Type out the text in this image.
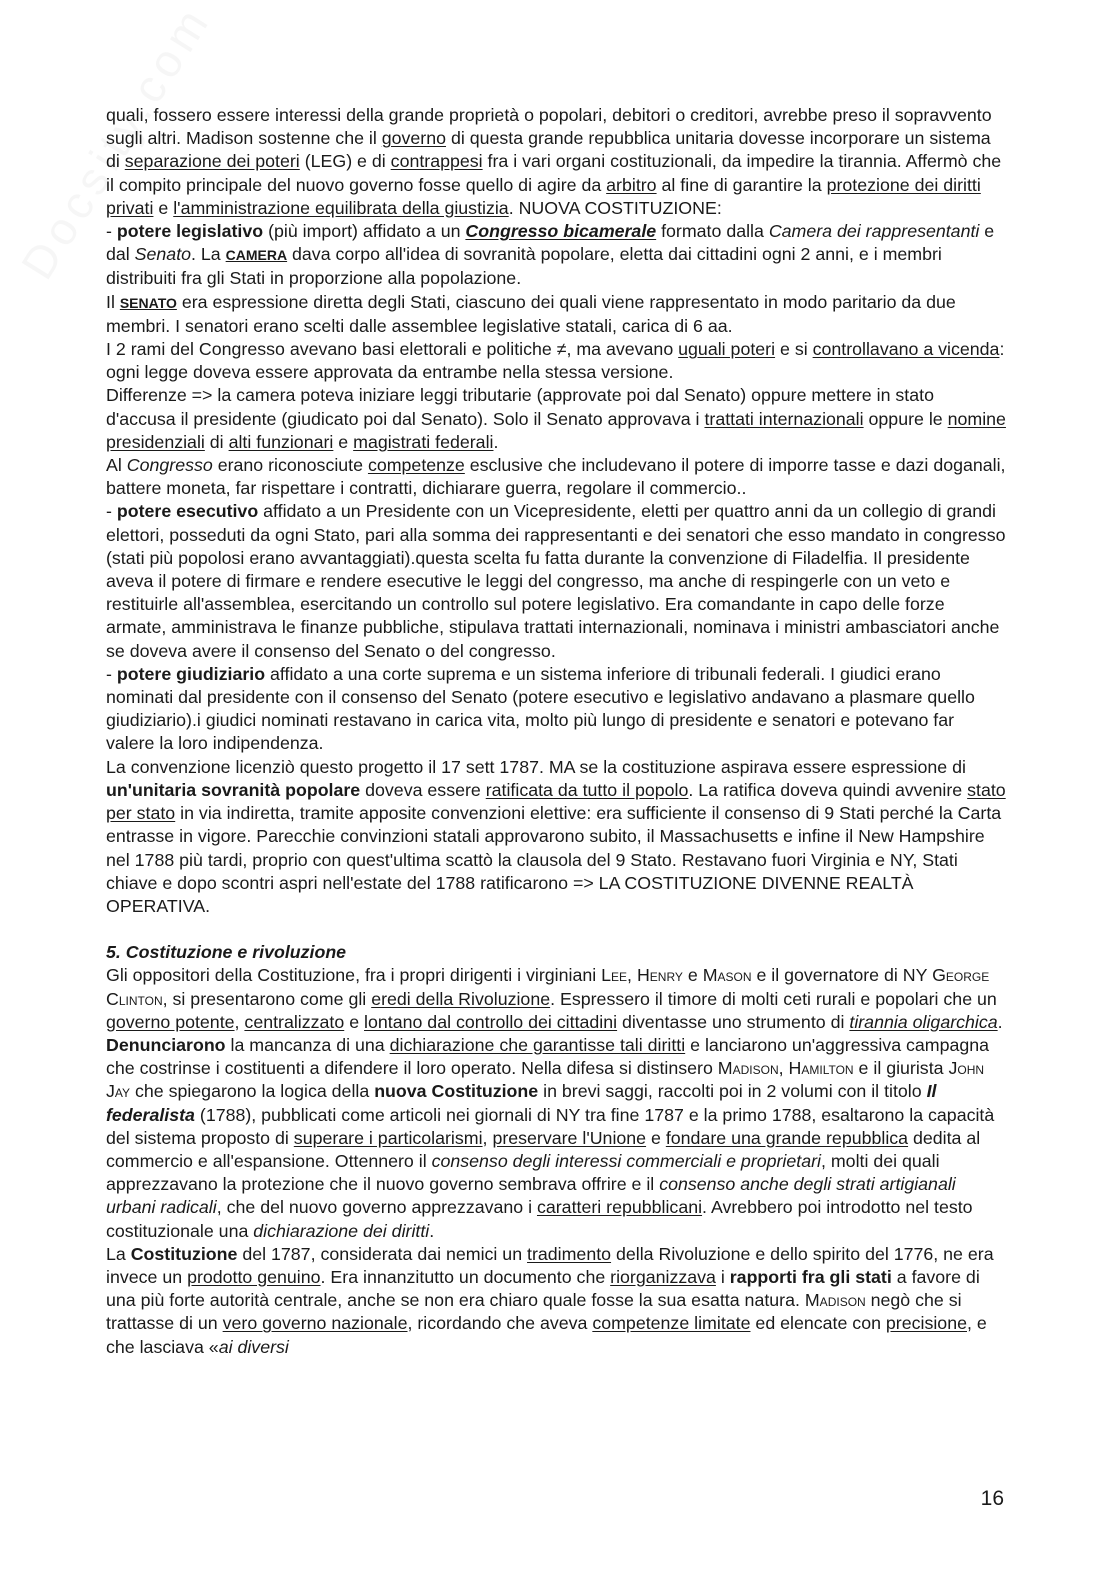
quali, fossero essere interessi della grande proprietà o popolari, debitori o creditori, avrebbe preso il sopravvento sugli altri. Madison sostenne che il governo di questa grande repubblica unitaria dovesse incorporare un sistema di separazione dei poteri (LEG) e di contrappesi fra i vari organi costituzionali, da impedire la tirannia. Affermò che il compito principale del nuovo governo fosse quello di agire da arbitro al fine di garantire la protezione dei diritti privati e l'amministrazione equilibrata della giustizia. NUOVA COSTITUZIONE:

- potere legislativo (più import) affidato a un Congresso bicamerale formato dalla Camera dei rappresentanti e dal Senato. La CAMERA dava corpo all'idea di sovranità popolare, eletta dai cittadini ogni 2 anni, e i membri distribuiti fra gli Stati in proporzione alla popolazione.

Il SENATO era espressione diretta degli Stati, ciascuno dei quali viene rappresentato in modo paritario da due membri. I senatori erano scelti dalle assemblee legislative statali, carica di 6 aa.

I 2 rami del Congresso avevano basi elettorali e politiche ≠, ma avevano uguali poteri e si controllavano a vicenda: ogni legge doveva essere approvata da entrambe nella stessa versione.

Differenze => la camera poteva iniziare leggi tributarie (approvate poi dal Senato) oppure mettere in stato d'accusa il presidente (giudicato poi dal Senato). Solo il Senato approvava i trattati internazionali oppure le nomine presidenziali di alti funzionari e magistrati federali.

Al Congresso erano riconosciute competenze esclusive che includevano il potere di imporre tasse e dazi doganali, battere moneta, far rispettare i contratti, dichiarare guerra, regolare il commercio..

- potere esecutivo affidato a un Presidente con un Vicepresidente, eletti per quattro anni da un collegio di grandi elettori, posseduti da ogni Stato, pari alla somma dei rappresentanti e dei senatori che esso mandato in congresso (stati più popolosi erano avvantaggiati).questa scelta fu fatta durante la convenzione di Filadelfia. Il presidente aveva il potere di firmare e rendere esecutive le leggi del congresso, ma anche di respingerle con un veto e restituirle all'assemblea, esercitando un controllo sul potere legislativo. Era comandante in capo delle forze armate, amministrava le finanze pubbliche, stipulava trattati internazionali, nominava i ministri ambasciatori anche se doveva avere il consenso del Senato o del congresso.

- potere giudiziario affidato a una corte suprema e un sistema inferiore di tribunali federali. I giudici erano nominati dal presidente con il consenso del Senato (potere esecutivo e legislativo andavano a plasmare quello giudiziario).i giudici nominati restavano in carica vita, molto più lungo di presidente e senatori e potevano far valere la loro indipendenza.

La convenzione licenziò questo progetto il 17 sett 1787. MA se la costituzione aspirava essere espressione di un'unitaria sovranità popolare doveva essere ratificata da tutto il popolo. La ratifica doveva quindi avvenire stato per stato in via indiretta, tramite apposite convenzioni elettive: era sufficiente il consenso di 9 Stati perché la Carta entrasse in vigore. Parecchie convinzioni statali approvarono subito, il Massachusetts e infine il New Hampshire nel 1788 più tardi, proprio con quest'ultima scattò la clausola del 9 Stato. Restavano fuori Virginia e NY, Stati chiave e dopo scontri aspri nell'estate del 1788 ratificarono => LA COSTITUZIONE DIVENNE REALTÀ OPERATIVA.

5. Costituzione e rivoluzione

Gli oppositori della Costituzione, fra i propri dirigenti i virginiani Lee, Henry e Mason e il governatore di NY George Clinton, si presentarono come gli eredi della Rivoluzione. Espressero il timore di molti ceti rurali e popolari che un governo potente, centralizzato e lontano dal controllo dei cittadini diventasse uno strumento di tirannia oligarchica. Denunciarono la mancanza di una dichiarazione che garantisse tali diritti e lanciarono un'aggressiva campagna che costrinse i costituenti a difendere il loro operato. Nella difesa si distinsero Madison, Hamilton e il giurista John Jay che spiegarono la logica della nuova Costituzione in brevi saggi, raccolti poi in 2 volumi con il titolo Il federalista (1788), pubblicati come articoli nei giornali di NY tra fine 1787 e la primo 1788, esaltarono la capacità del sistema proposto di superare i particolarismi, preservare l'Unione e fondare una grande repubblica dedita al commercio e all'espansione. Ottennero il consenso degli interessi commerciali e proprietari, molti dei quali apprezzavano la protezione che il nuovo governo sembrava offrire e il consenso anche degli strati artigianali urbani radicali, che del nuovo governo apprezzavano i caratteri repubblicani. Avrebbero poi introdotto nel testo costituzionale una dichiarazione dei diritti.

La Costituzione del 1787, considerata dai nemici un tradimento della Rivoluzione e dello spirito del 1776, ne era invece un prodotto genuino. Era innanzitutto un documento che riorganizzava i rapporti fra gli stati a favore di una più forte autorità centrale, anche se non era chiaro quale fosse la sua esatta natura. Madison negò che si trattasse di un vero governo nazionale, ricordando che aveva competenze limitate ed elencate con precisione, e che lasciava «ai diversi

16
